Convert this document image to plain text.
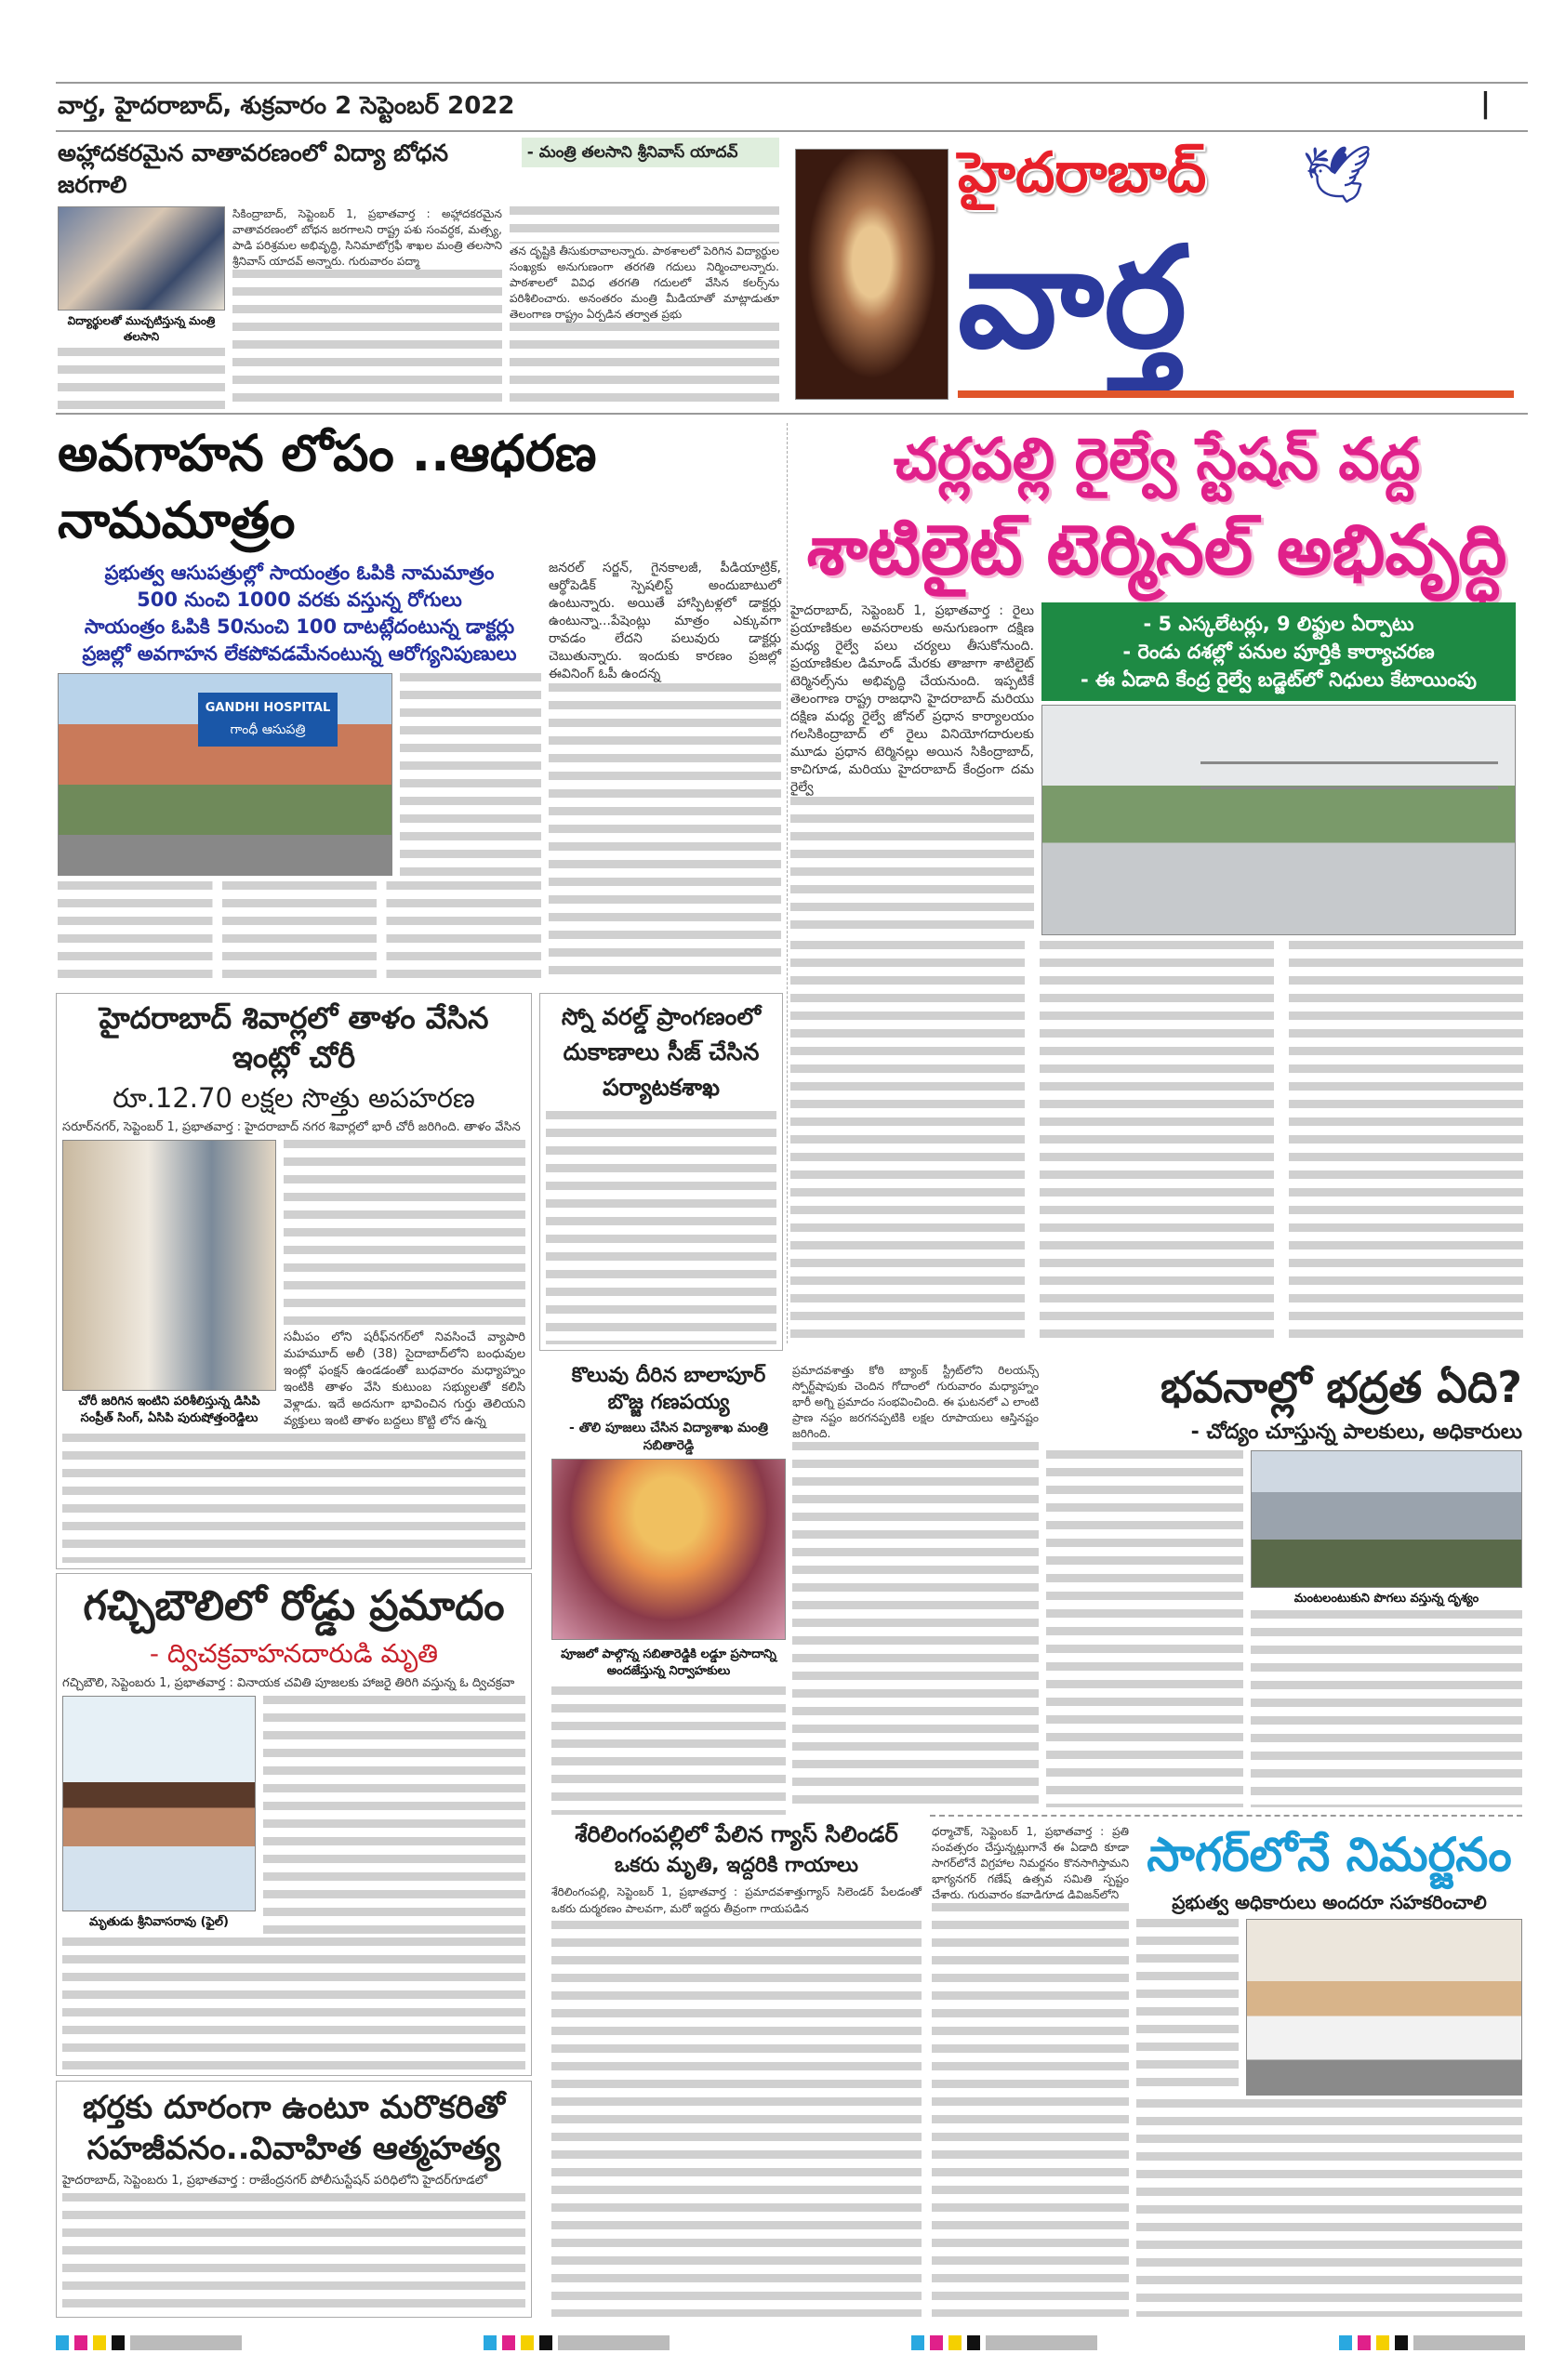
వార్త, హైదరాబాద్, శుక్రవారం 2 సెప్టెంబర్ 2022	|
అహ్లాదకరమైన వాతావరణంలో విద్యా బోధన జరగాలి
- మంత్రి తలసాని శ్రీనివాస్ యాదవ్
విద్యార్థులతో ముచ్చటిస్తున్న మంత్రి తలసాని
సికింద్రాబాద్, సెప్టెంబర్ 1, ప్రభాతవార్త : అహ్లాదకరమైన వాతావరణంలో బోధన జరగాలని రాష్ట్ర పశు సంవర్ధక, మత్స్య, పాడి పరిశ్రమల అభివృద్ధి, సినిమాటోగ్రఫీ శాఖల మంత్రి తలసాని శ్రీనివాస్ యాదవ్ అన్నారు. గురువారం పద్మా
తన దృష్టికి తీసుకురావాలన్నారు. పాఠశాలలో పెరిగిన విద్యార్థుల సంఖ్యకు అనుగుణంగా తరగతి గదులు నిర్మించాలన్నారు. పాఠశాలలో వివిధ తరగతి గదులలో వేసిన కలర్స్‌ను పరిశీలించారు. అనంతరం మంత్రి మీడియాతో మాట్లాడుతూ తెలంగాణ రాష్ట్రం ఏర్పడిన తర్వాత ప్రభు
హైదరాబాద్ 🕊
వార్త
అవగాహన లోపం ..ఆధరణ నామమాత్రం
ప్రభుత్వ ఆసుపత్రుల్లో సాయంత్రం ఓపికి నామమాత్రం
500 నుంచి 1000 వరకు వస్తున్న రోగులు
సాయంత్రం ఓపికి 50నుంచి 100 దాటట్లేదంటున్న డాక్టర్లు
ప్రజల్లో అవగాహన లేకపోవడమేనంటున్న ఆరోగ్యనిపుణులు
GANDHI HOSPITAL
గాంధీ ఆసుపత్రి
జనరల్ సర్జన్, గైనకాలజీ, పీడియాట్రిక్, ఆర్థోపెడిక్ స్పెషలిస్ట్ అందుబాటులో ఉంటున్నారు. అయితే హాస్పిటళ్లలో డాక్టర్లు ఉంటున్నా...పేషెంట్లు మాత్రం ఎక్కువగా రావడం లేదని పలువురు డాక్టర్లు చెబుతున్నారు. ఇందుకు కారణం ప్రజల్లో ఈవినింగ్ ఓపీ ఉందన్న
చర్లపల్లి రైల్వే స్టేషన్ వద్ద
శాటిలైట్ టెర్మినల్ అభివృద్ధి
హైదరాబాద్, సెప్టెంబర్ 1, ప్రభాతవార్త : రైలు ప్రయాణికుల అవసరాలకు అనుగుణంగా దక్షిణ మధ్య రైల్వే పలు చర్యలు తీసుకోనుంది. ప్రయాణికుల డిమాండ్ మేరకు తాజాగా శాటిలైట్ టెర్మినల్స్‌ను అభివృద్ధి చేయనుంది. ఇప్పటికే తెలంగాణ రాష్ట్ర రాజధాని హైదరాబాద్ మరియు దక్షిణ మధ్య రైల్వే జోనల్ ప్రధాన కార్యాలయం గలసికింద్రాబాద్ లో రైలు వినియోగదారులకు మూడు ప్రధాన టెర్మినల్లు అయిన సికింద్రాబాద్, కాచిగూడ, మరియు హైదరాబాద్ కేంద్రంగా దమ రైల్వే
- 5 ఎస్కలేటర్లు, 9 లిఫ్టుల ఏర్పాటు
- రెండు దశల్లో పనుల పూర్తికి కార్యాచరణ
- ఈ ఏడాది కేంద్ర రైల్వే బడ్జెట్‌లో నిధులు కేటాయింపు
హైదరాబాద్ శివార్లలో తాళం వేసిన ఇంట్లో చోరీ
రూ.12.70 లక్షల సొత్తు అపహరణ
సరూర్‌నగర్, సెప్టెంబర్ 1, ప్రభాతవార్త : హైదరాబాద్ నగర శివార్లలో భారీ చోరీ జరిగింది. తాళం వేసిన
చోరీ జరిగిన ఇంటిని పరిశీలిస్తున్న డిసిపి సంప్రీత్ సింగ్, ఏసిపి పురుషోత్తంరెడ్డిలు
సమీపం లోని షరీఫ్‌నగర్‌లో నివసించే వ్యాపారి మహమూద్ అలీ (38) సైదాబాద్‌లోని బంధువుల ఇంట్లో ఫంక్షన్ ఉండడంతో బుధవారం మధ్యాహ్నం ఇంటికి తాళం వేసి కుటుంబ సభ్యులతో కలిసి వెళ్లాడు. ఇదే అదనుగా భావించిన గుర్తు తెలియని వ్యక్తులు ఇంటి తాళం బద్దలు కొట్టి లోన ఉన్న
స్నో వరల్డ్ ప్రాంగణంలో దుకాణాలు సీజ్ చేసిన పర్యాటకశాఖ
గచ్చిబౌలిలో రోడ్డు ప్రమాదం
- ద్విచక్రవాహనదారుడి మృతి
గచ్చిబౌలి, సెప్టెంబరు 1, ప్రభాతవార్త : వినాయక చవితి పూజలకు హాజరై తిరిగి వస్తున్న ఓ ద్విచక్రవా
మృతుడు శ్రీనివాసరావు (ఫైల్)
భర్తకు దూరంగా ఉంటూ మరొకరితో సహజీవనం..వివాహిత ఆత్మహత్య
హైదరాబాద్, సెప్టెంబరు 1, ప్రభాతవార్త : రాజేంద్రనగర్ పోలీసుస్టేషన్ పరిధిలోని హైదర్‌గూడలో
కొలువు దీరిన బాలాపూర్ బొజ్జ గణపయ్య
- తొలి పూజలు చేసిన విద్యాశాఖ మంత్రి సబితారెడ్డి
పూజలో పాల్గొన్న సబితారెడ్డికి లడ్డూ ప్రసాదాన్ని అందజేస్తున్న నిర్వాహకులు
ప్రమాదవశాత్తు కోఠి బ్యాంక్ స్ట్రీట్‌లోని రిలయన్స్ స్పోర్ట్‌షాపుకు చెందిన గోదాంలో గురువారం మధ్యాహ్నం భారీ అగ్ని ప్రమాదం సంభవించింది. ఈ ఘటనలో ఎ లాంటి ప్రాణ నష్టం జరగనప్పటికి లక్షల రూపాయలు ఆస్తినష్టం జరిగింది.
భవనాల్లో భద్రత ఏది?
- చోద్యం చూస్తున్న పాలకులు, అధికారులు
మంటలంటుకుని పొగలు వస్తున్న దృశ్యం
శేరిలింగంపల్లిలో పేలిన గ్యాస్ సిలిండర్
ఒకరు మృతి, ఇద్దరికి గాయాలు
శేరిలింగంపల్లి, సెప్టెంబర్ 1, ప్రభాతవార్త : ప్రమాదవశాత్తుగ్యాస్ సిలెండర్ పేలడంతో ఒకరు దుర్మరణం పాలవగా, మరో ఇద్దరు తీవ్రంగా గాయపడిన
ధర్మాచౌక్, సెప్టెంబర్ 1, ప్రభాతవార్త : ప్రతి సంవత్సరం చేస్తున్నట్లుగానే ఈ ఏడాది కూడా సాగర్‌లోనే విగ్రహాల నిమర్జనం కొనసాగిస్తామని భాగ్యనగర్ గణేష్ ఉత్సవ సమితి స్పష్టం చేశారు. గురువారం కవాడిగూడ డివిజన్‌లోని
సాగర్‌లోనే నిమర్జనం
ప్రభుత్వ అధికారులు అందరూ సహకరించాలి
